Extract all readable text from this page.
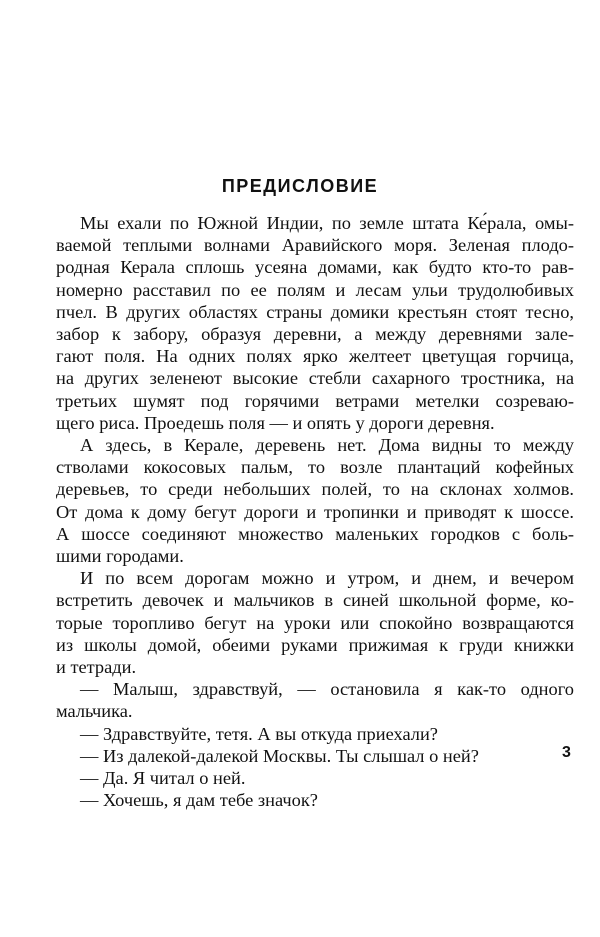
ПРЕДИСЛОВИЕ
Мы ехали по Южной Индии, по земле штата Ке́рала, омы-
ваемой теплыми волнами Аравийского моря. Зеленая плодо-
родная Керала сплошь усеяна домами, как будто кто-то рав-
номерно расставил по ее полям и лесам ульи трудолюбивых
пчел. В других областях страны домики крестьян стоят тесно,
забор к забору, образуя деревни, а между деревнями зале-
гают поля. На одних полях ярко желтеет цветущая горчица,
на других зеленеют высокие стебли сахарного тростника, на
третьих шумят под горячими ветрами метелки созреваю-
щего риса. Проедешь поля — и опять у дороги деревня.
А здесь, в Керале, деревень нет. Дома видны то между
стволами кокосовых пальм, то возле плантаций кофейных
деревьев, то среди небольших полей, то на склонах холмов.
От дома к дому бегут дороги и тропинки и приводят к шоссе.
А шоссе соединяют множество маленьких городков с боль-
шими городами.
И по всем дорогам можно и утром, и днем, и вечером
встретить девочек и мальчиков в синей школьной форме, ко-
торые торопливо бегут на уроки или спокойно возвращаются
из школы домой, обеими руками прижимая к груди книжки
и тетради.
— Малыш, здравствуй, — остановила я как-то одного
мальчика.
— Здравствуйте, тетя. А вы откуда приехали?
— Из далекой-далекой Москвы. Ты слышал о ней?
— Да. Я читал о ней.
— Хочешь, я дам тебе значок?
3
